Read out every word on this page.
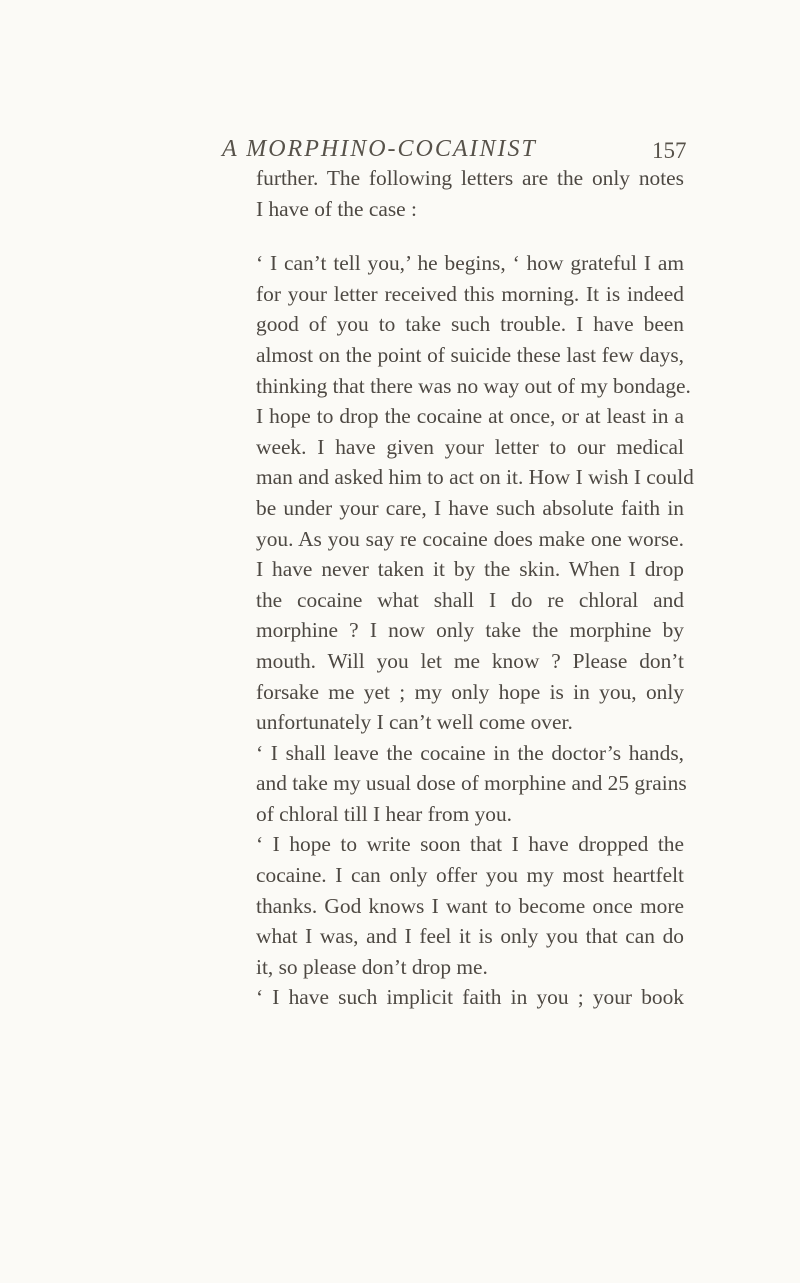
A MORPHINO-COCAINIST	157

further. The following letters are the only notes
I have of the case :

‘ I can’t tell you,’ he begins, ‘ how grateful I am
for your letter received this morning. It is indeed
good of you to take such trouble. I have been
almost on the point of suicide these last few days,
thinking that there was no way out of my bondage.
I hope to drop the cocaine at once, or at least in a
week. I have given your letter to our medical
man and asked him to act on it. How I wish I could
be under your care, I have such absolute faith in
you. As you say re cocaine does make one worse.
I have never taken it by the skin. When I drop
the cocaine what shall I do re chloral and
morphine ? I now only take the morphine by
mouth. Will you let me know ? Please don’t
forsake me yet ; my only hope is in you, only
unfortunately I can’t well come over.

‘ I shall leave the cocaine in the doctor’s hands,
and take my usual dose of morphine and 25 grains
of chloral till I hear from you.

‘ I hope to write soon that I have dropped the
cocaine. I can only offer you my most heartfelt
thanks. God knows I want to become once more
what I was, and I feel it is only you that can do
it, so please don’t drop me.

‘ I have such implicit faith in you ; your book
